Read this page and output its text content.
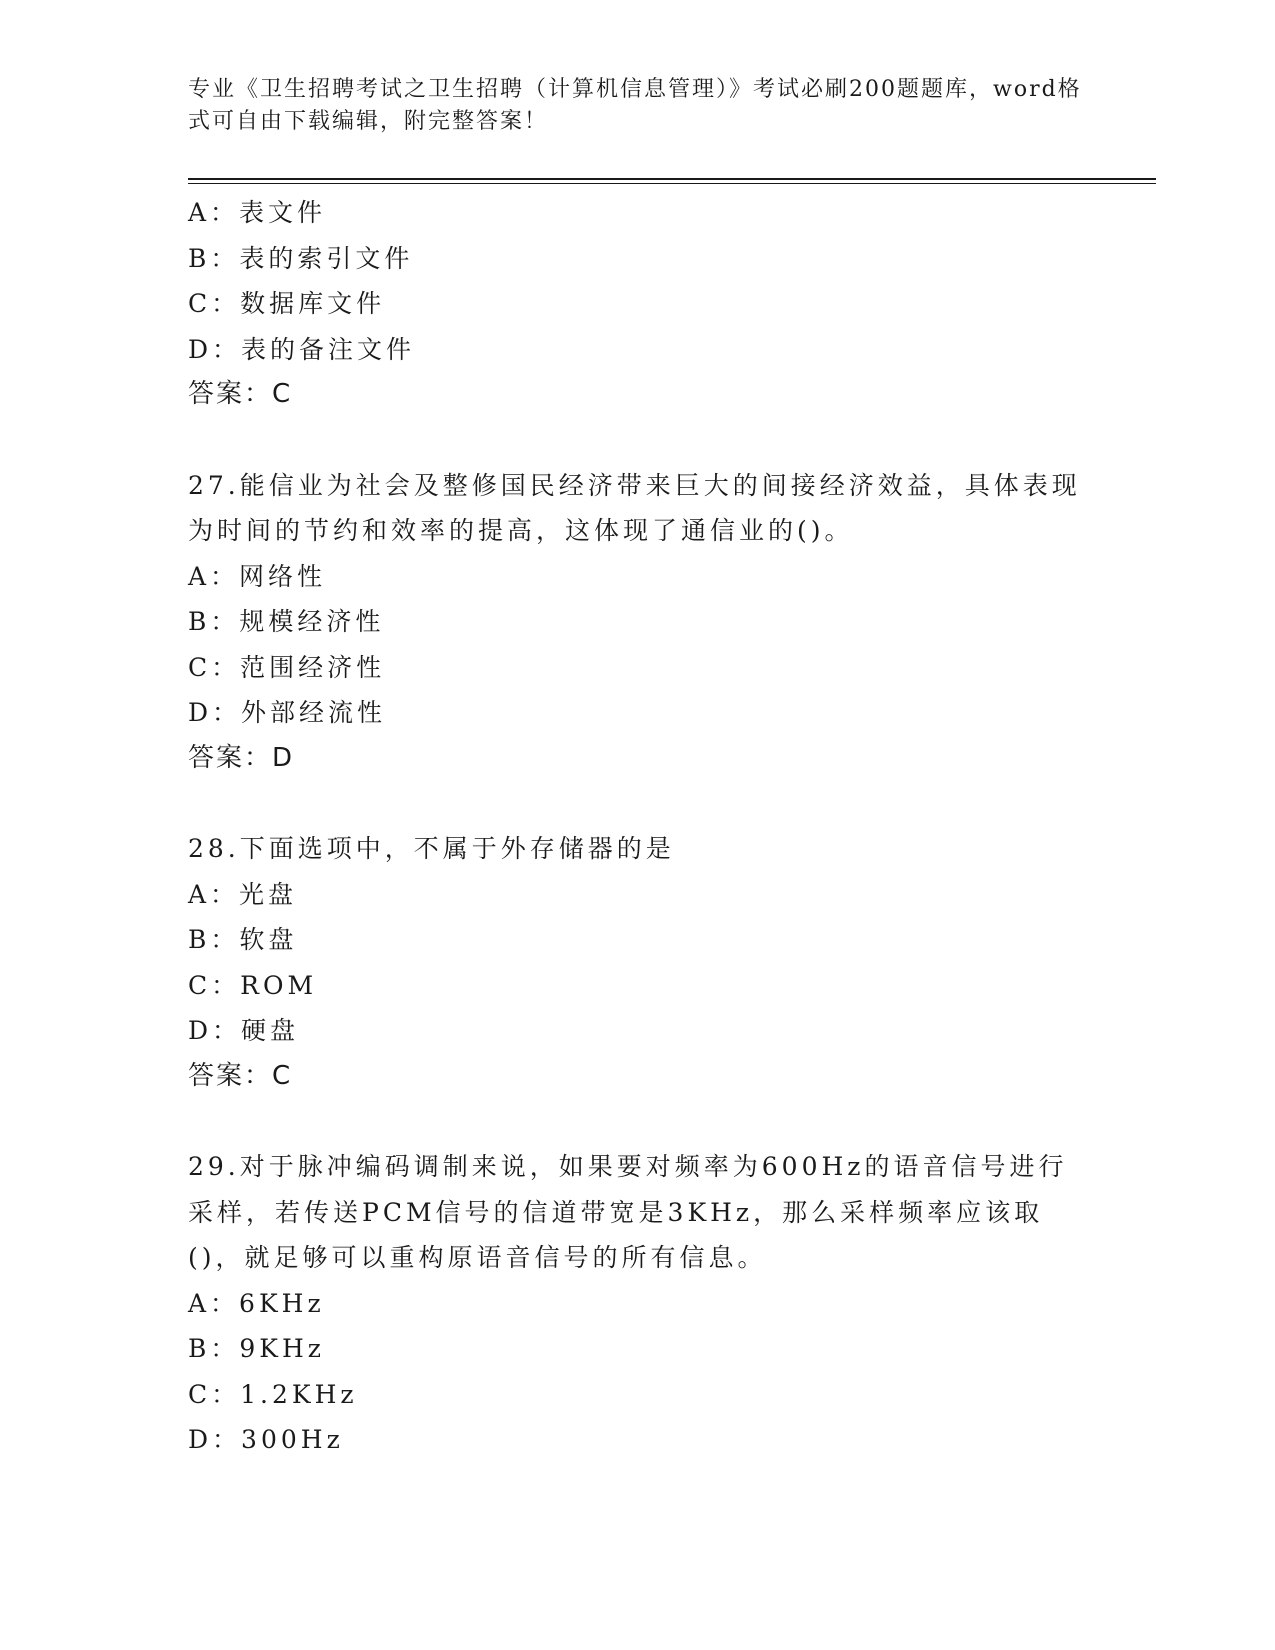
专业《卫生招聘考试之卫生招聘（计算机信息管理）》考试必刷200题题库，word格式可自由下载编辑，附完整答案！
A：表文件
B：表的索引文件
C：数据库文件
D：表的备注文件
答案：C
27.能信业为社会及整修国民经济带来巨大的间接经济效益，具体表现为时间的节约和效率的提高，这体现了通信业的()。
A：网络性
B：规模经济性
C：范围经济性
D：外部经流性
答案：D
28.下面选项中，不属于外存储器的是
A：光盘
B：软盘
C：ROM
D：硬盘
答案：C
29.对于脉冲编码调制来说，如果要对频率为600Hz的语音信号进行采样，若传送PCM信号的信道带宽是3KHz，那么采样频率应该取()，就足够可以重构原语音信号的所有信息。
A：6KHz
B：9KHz
C：1.2KHz
D：300Hz
